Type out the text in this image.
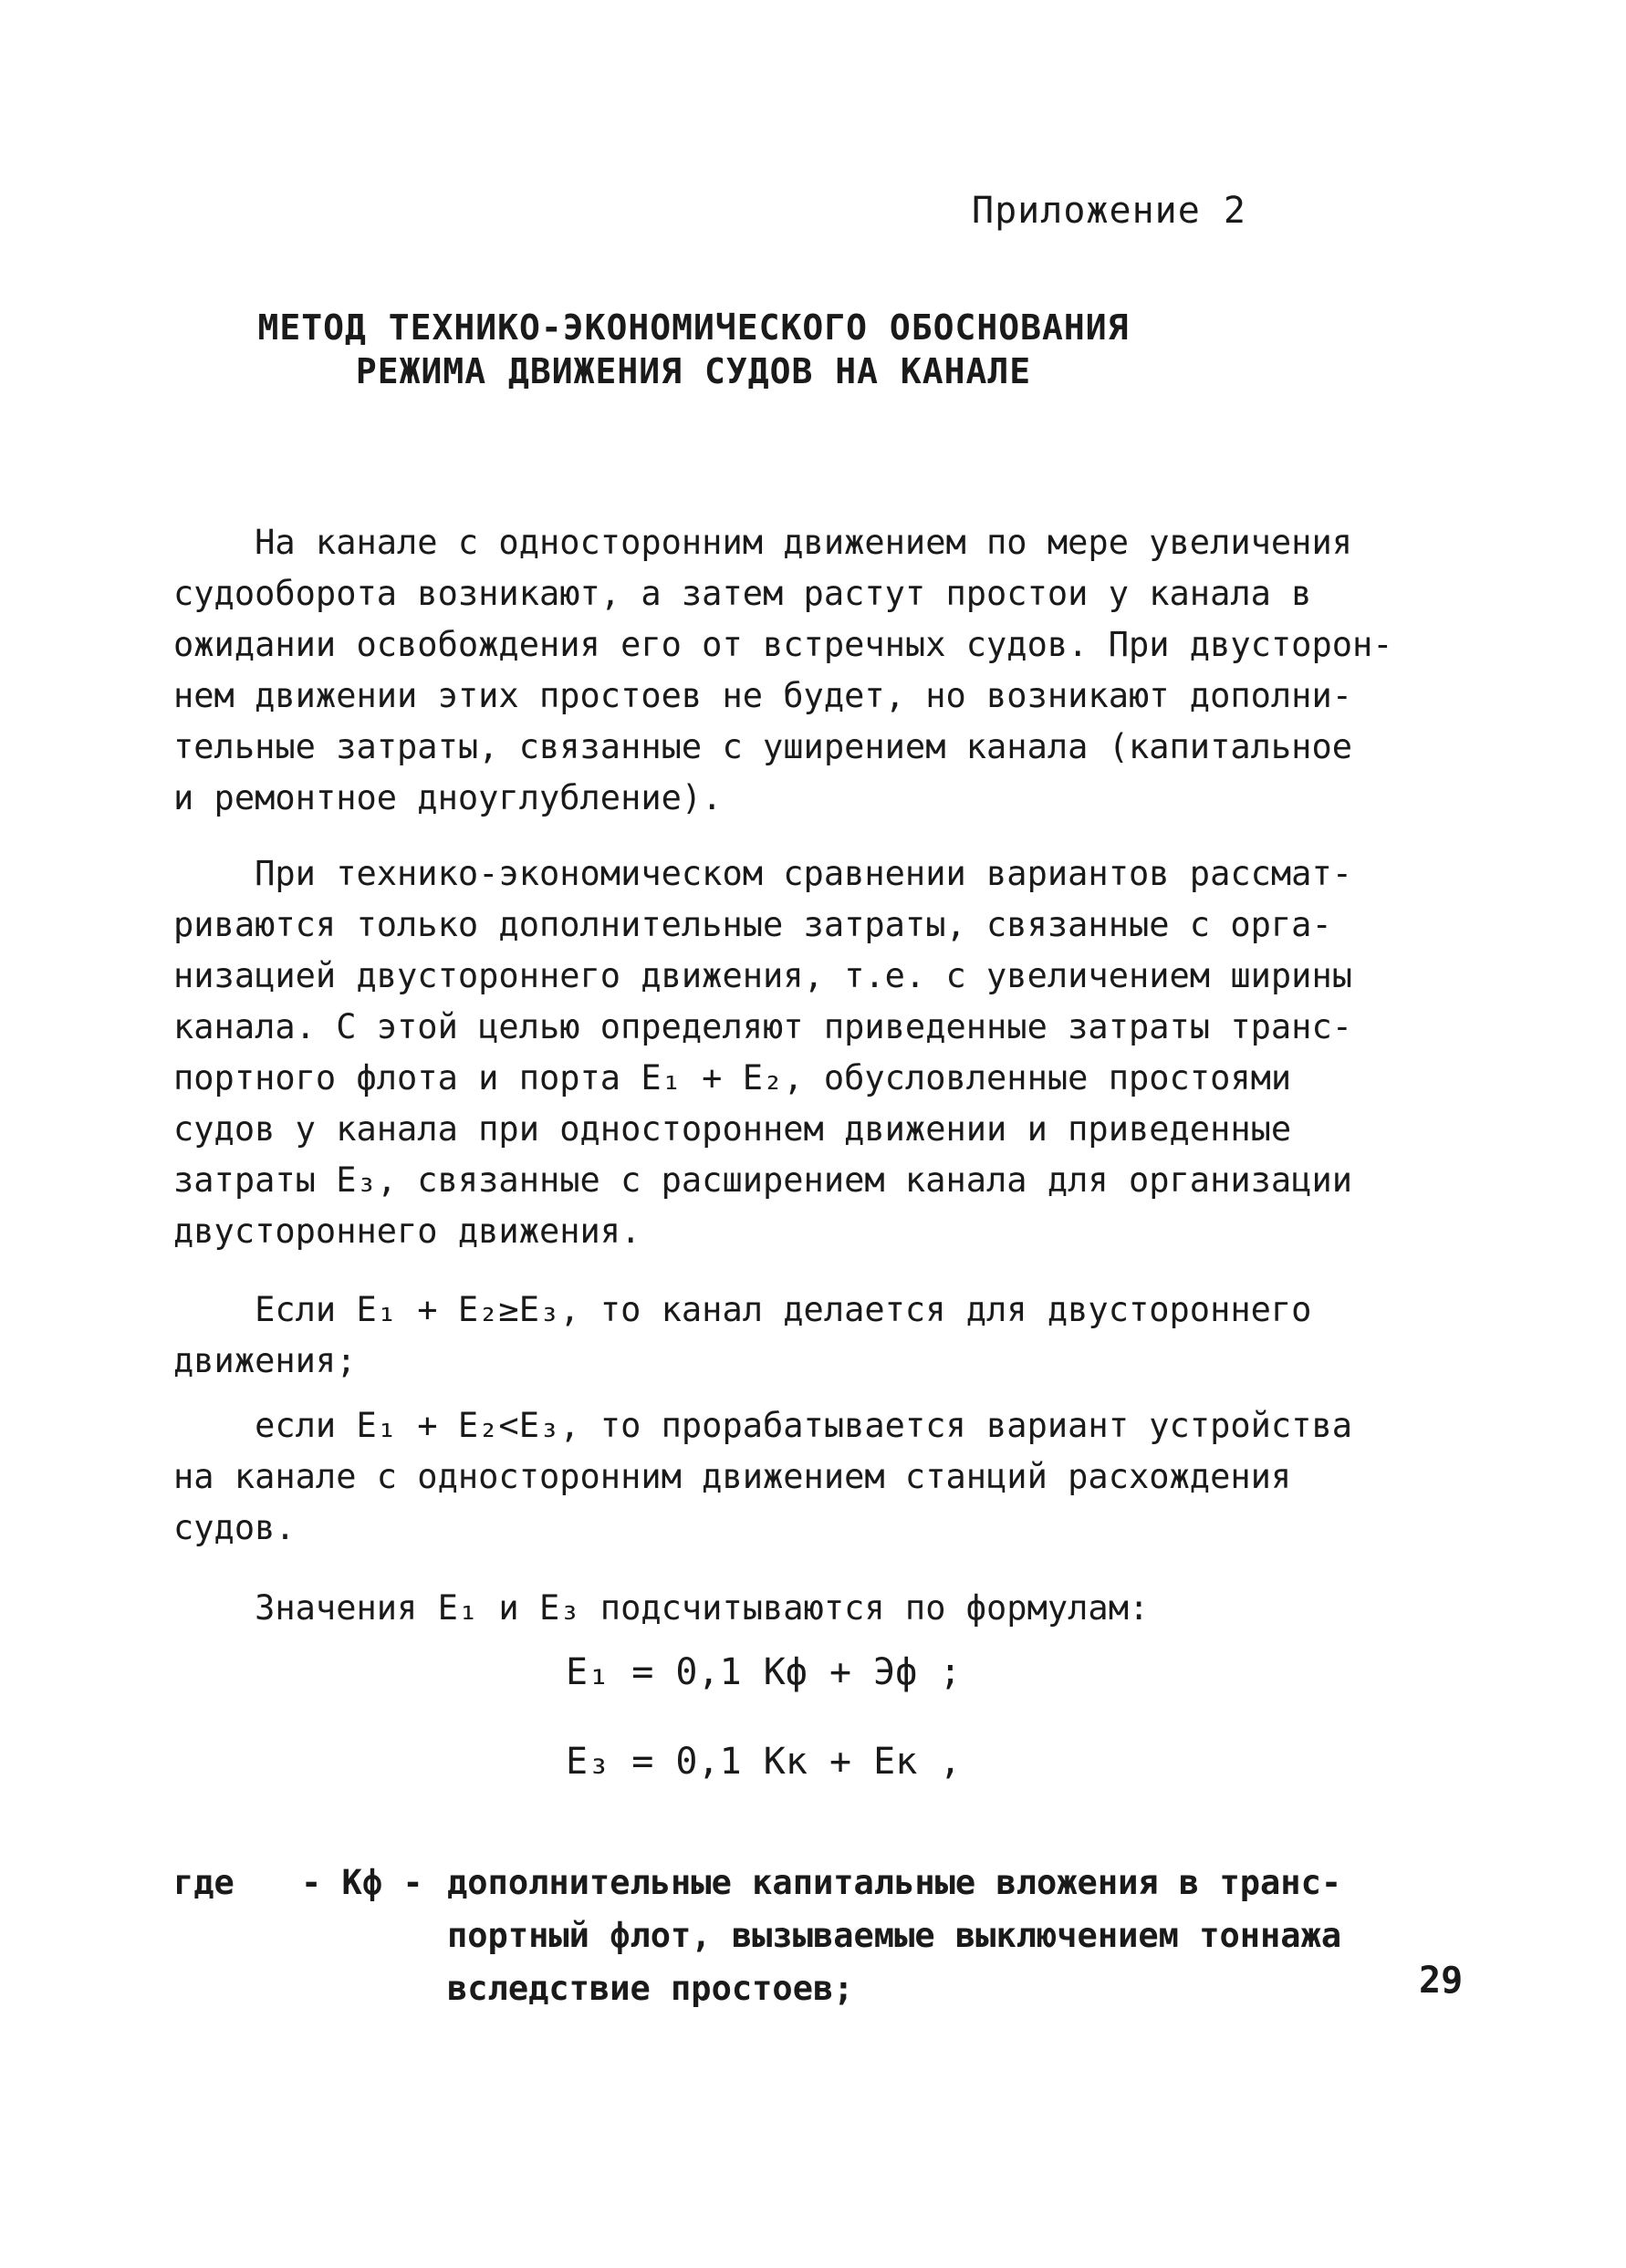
Приложение 2
МЕТОД ТЕХНИКО-ЭКОНОМИЧЕСКОГО ОБОСНОВАНИЯ
РЕЖИМА ДВИЖЕНИЯ СУДОВ НА КАНАЛЕ

На канале с односторонним движением по мере увеличения
судооборота возникают, а затем растут простои у канала в
ожидании освобождения его от встречных судов. При двусторон-
нем движении этих простоев не будет, но возникают дополни-
тельные затраты, связанные с уширением канала (капитальное
и ремонтное дноуглубление).

При технико-экономическом сравнении вариантов рассмат-
риваются только дополнительные затраты, связанные с орга-
низацией двустороннего движения, т.е. с увеличением ширины
канала. С этой целью определяют приведенные затраты транс-
портного флота и порта Е₁ + Е₂, обусловленные простоями
судов у канала при одностороннем движении и приведенные
затраты Е₃, связанные с расширением канала для организации
двустороннего движения.

Если Е₁ + Е₂≥Е₃, то канал делается для двустороннего
движения;

если Е₁ + Е₂<Е₃, то прорабатывается вариант устройства
на канале с односторонним движением станций расхождения
судов.

Значения Е₁ и Е₃ подсчитываются по формулам:

Е₁ = 0,1 Кф + Эф ;
Е₃ = 0,1 Кк + Ек ,
где - Кф - дополнительные капитальные вложения в транс-
портный флот, вызываемые выключением тоннажа
вследствие простоев;	29
